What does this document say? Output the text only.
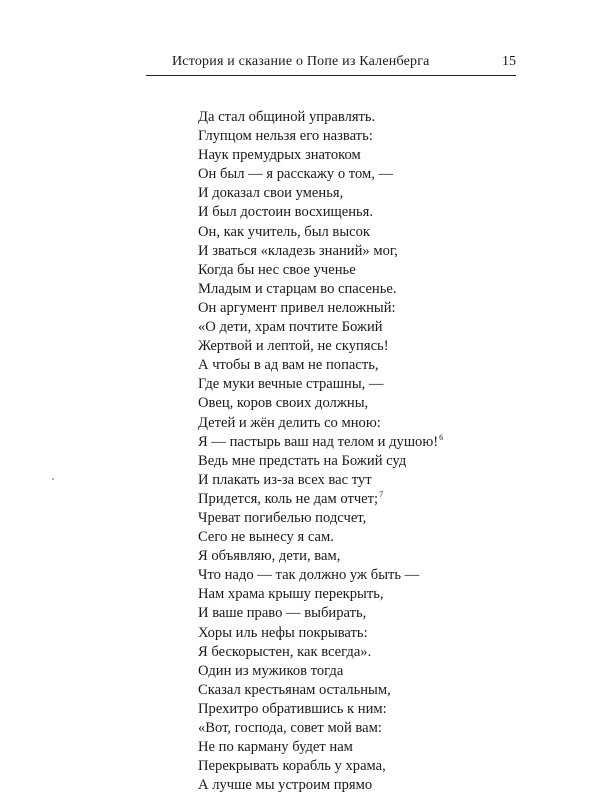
История и сказание о Попе из Каленберга	15
Да стал общиной управлять.
Глупцом нельзя его назвать:
Наук премудрых знатоком
Он был — я расскажу о том, —
И доказал свои уменья,
И был достоин восхищенья.
Он, как учитель, был высок
И зваться «кладезь знаний» мог,
Когда бы нес свое ученье
Младым и старцам во спасенье.
Он аргумент привел неложный:
«О дети, храм почтите Божий
Жертвой и лептой, не скупясь!
А чтобы в ад вам не попасть,
Где муки вечные страшны, —
Овец, коров своих должны,
Детей и жён делить со мною:
Я — пастырь ваш над телом и душою!$^6$
Ведь мне предстать на Божий суд
И плакать из-за всех вас тут
Придется, коль не дам отчет;$^7$
Чреват погибелью подсчет,
Сего не вынесу я сам.
Я объявляю, дети, вам,
Что надо — так должно уж быть —
Нам храма крышу перекрыть,
И ваше право — выбирать,
Хоры иль нефы покрывать:
Я бескорыстен, как всегда».
Один из мужиков тогда
Сказал крестьянам остальным,
Прехитро обратившись к ним:
«Вот, господа, совет мой вам:
Не по карману будет нам
Перекрывать корабль у храма,
А лучше мы устроим прямо
